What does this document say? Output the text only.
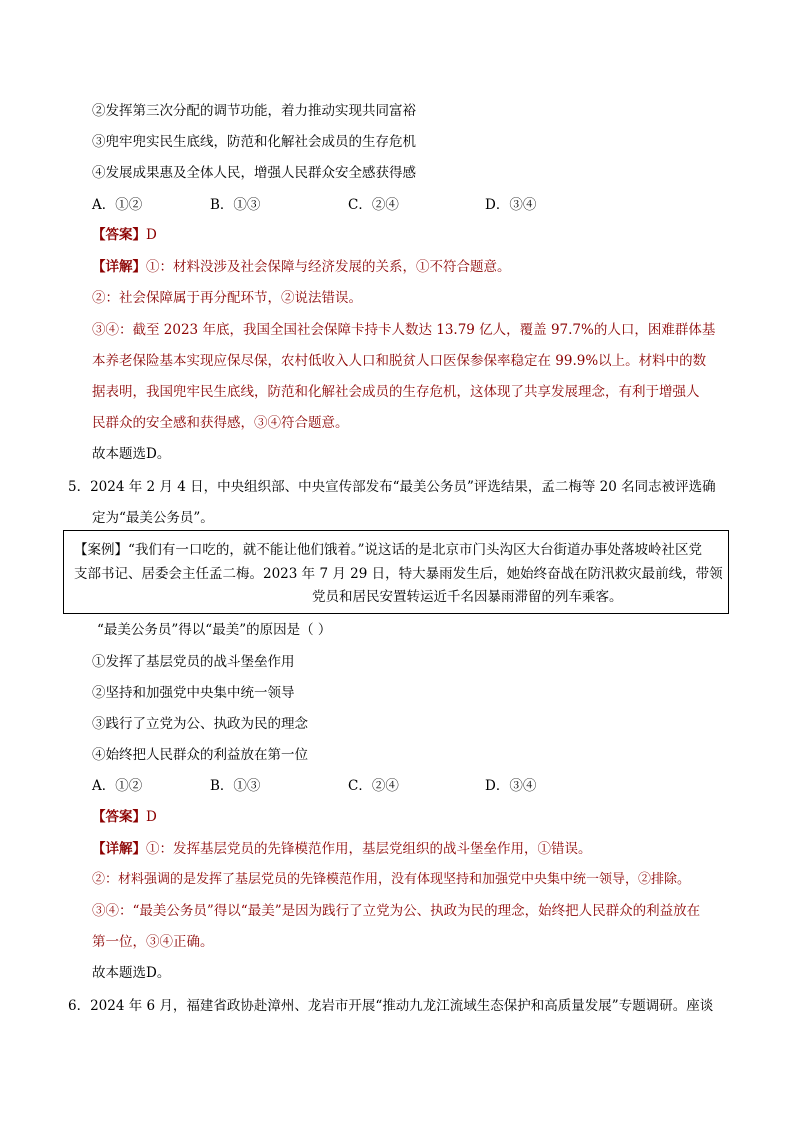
②发挥第三次分配的调节功能，着力推动实现共同富裕
③兜牢兜实民生底线，防范和化解社会成员的生存危机
④发展成果惠及全体人民，增强人民群众安全感获得感
A．①②	B．①③	C．②④	D．③④
【答案】D
【详解】①：材料没涉及社会保障与经济发展的关系，①不符合题意。
②：社会保障属于再分配环节，②说法错误。
③④：截至 2023 年底，我国全国社会保障卡持卡人数达 13.79 亿人，覆盖 97.7%的人口，困难群体基
本养老保险基本实现应保尽保，农村低收入人口和脱贫人口医保参保率稳定在 99.9%以上。材料中的数
据表明，我国兜牢民生底线，防范和化解社会成员的生存危机，这体现了共享发展理念，有利于增强人
民群众的安全感和获得感，③④符合题意。
故本题选D。
5．2024 年 2 月 4 日，中央组织部、中央宣传部发布“最美公务员”评选结果，孟二梅等 20 名同志被评选确
定为“最美公务员”。
【案例】“我们有一口吃的，就不能让他们饿着。”说这话的是北京市门头沟区大台街道办事处落坡岭社区党
支部书记、居委会主任孟二梅。2023 年 7 月 29 日，特大暴雨发生后，她始终奋战在防汛救灾最前线，带领
党员和居民安置转运近千名因暴雨滞留的列车乘客。
“最美公务员”得以“最美”的原因是（ ）
①发挥了基层党员的战斗堡垒作用
②坚持和加强党中央集中统一领导
③践行了立党为公、执政为民的理念
④始终把人民群众的利益放在第一位
A．①②	B．①③	C．②④	D．③④
【答案】D
【详解】①：发挥基层党员的先锋模范作用，基层党组织的战斗堡垒作用，①错误。
②：材料强调的是发挥了基层党员的先锋模范作用，没有体现坚持和加强党中央集中统一领导，②排除。
③④：“最美公务员”得以“最美”是因为践行了立党为公、执政为民的理念，始终把人民群众的利益放在
第一位，③④正确。
故本题选D。
6．2024 年 6 月，福建省政协赴漳州、龙岩市开展“推动九龙江流域生态保护和高质量发展”专题调研。座谈
